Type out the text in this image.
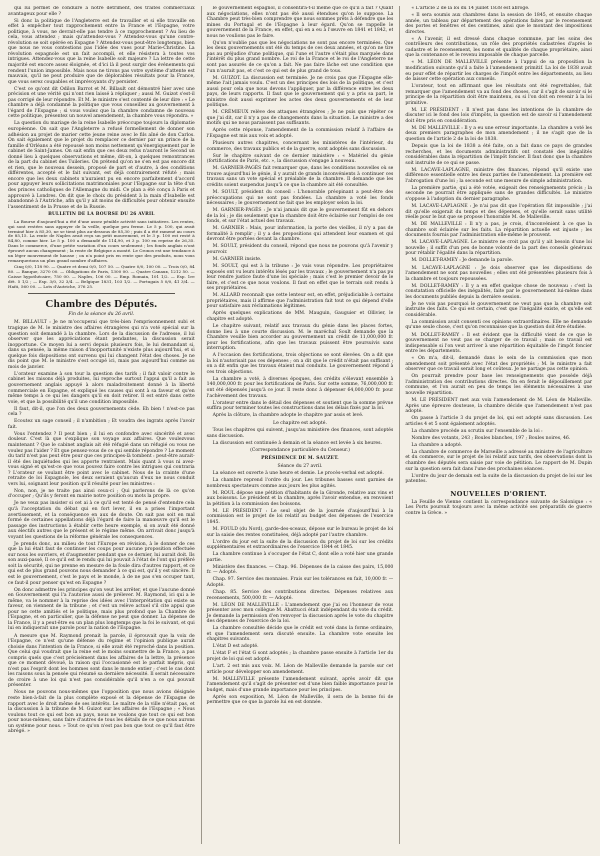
qui lui permet de conduire à notre détriment, des traités commerciaux avantageux pour elle ?

Si donc la politique de l'Angleterre est de travailler et si elle travaille en effet à empêcher tout rapprochement entre la France et l'Espagne, votre politique, à vous, ne devrait-elle pas tendre à ce rapprochement ? Au lieu de cela, vous attendez ; mais qu'attendez-vous ? Attendez-vous qu'une contre-révolution se soit opérée en Espagne ? Attendez-vous peut-être longtemps, bien que nous ne vous contestions pas l'idée des vues pour Marie-Christine. La révolution espagnole est un fait accompli, et elle résistera à toutes vos intrigues. Attendez-vous que la reine Isabelle soit majeure ? La lettre de cette majorité est encore assez éloignée, et d'ici là il peut surgir des événements qui rendent l'union impossible. Mais nous ne tirons pas votre système d'attente est mauvais, qu'il ne peut produire que de déplorables résultats pour la France, que vous serez coupables et imprévoyants d'y persister.

C'est ce qu'ont dit Odilon Barrot et M. Billault ont démontré hier avec une précision et une vérité qui n'ont rien laissé à répliquer ; aussi M. Guizot s'est-il pas corrigé de leur répondre. Et M. le ministre s'est contenté de leur dire : « Le chambre a déjà condamné la politique que vous conseillez au gouvernement à l'égard de l'Espagne ; si vous voulez que la chambre condamne de nouveau cette politique, présentez un nouvel amendement, la chambre vous répondra. »

La question du mariage de la reine Isabelle préoccupe toujours la diplomatie européenne. On sait que l'Angleterre a refusé formellement de donner son adhésion au projet de marier cette jeune reine avec le fils aîné de don Carlos. On sait également que le projet du remplacer ce dernier par un prince de la famille d'Orléans a été repoussé non moins nettement qu'énergiquement par le cabinet de Saint-James. On sait enfin que ces deux refus n'auront le Second un donné lieu à quelques observations et même, dit-on, à quelques remontrances de la part du cabinet des Tuileries. On prétend qu'on ne s'en est pas encore dit et rien, que le nouveau dessein, proposé de part et d'autre, à des conditions différentes, accepté et le fait suivant, est déjà contrairement réfuté ; mais encore que les deux cabinets n'auraient pu en encore parfaitement d'accord pour appuyer leurs sollicitations matrimoniales pour l'Espagne sur la tête d'un des princes catholiques de l'Allemagne du midi. Ce plan a été conçu à Paris et approuvé à Londres. On dit que le choix du président à la main d'Isabelle est abandonné à l'Autriche, afin qu'il y ait moins de difficultés pour obtenir ensuite l'assentiment de la Prusse et de la Russie.

BULLETIN DE LA BOURSE DU 26 AVRIL

La Bourse d'aujourd'hui a été d'une assez pénible activité sans initiatives. Les rentes, qui sont restées sans appuyer de la veille, quelque peu ferme. Le 5 p. 100, qui avait terminé hier à 85,30, ne se tient plus au-dessous de 85,30 ; puis il a été ramené au cours de 85,15. La rente de Naples avait reçu un petit mouvement, et le 3 p. 100 est resté à 84,80, comme hier. Le 5 p. 100 a demandé de 114,90, et 3 p. 100 en reprise de 26,35. Dans le commerce, d'une petite variation d'un cours seulement ; les fonds anglais n'ont éprouvé aucun changement ; la rente de Belgique a monté. Le Cronos est une tendance à un léger mouvement de hausse ; on n'a point pris en rente que des produits, nous vous remarquerions un plus grand nombre d'affaires.

Cinq 0/0, 118 90. — Quatre et demi 0/0, 107 50. — Quatre 0/0, 100 00. — Trois 0/0, 84 80. — Banque, 3270 00. — Obligations de Paris, 1300 00. — Quatre Canaux, 1212 50. — Caisse hypothécaire, 750 00. — Naples, 106 00. — Emp. Romain, 101 1/2. — Esp. 1re dét. 5 1/2 ; — Esp. 3/0, 32 3/4. — Belgique 1831, 103 1/2. — Portugais 5 0/0, 41 3/4. — Haïti, 560 00. — Lots d'Autriche, 376 25.

Chambre des Députés.

Fin de la séance du 26 avril.

M. BILLAULT : Je ne m'occuperai que très-bien l'emprisonnement subi et tragique de M. le ministre des affaires étrangères qui n'a voté spécial sur la question soit demandé à la chambre. Lors de la discussion de l'adresse, il lui observer que les appréciations étant pendantes, la discussion serait inopportune. Ce moyen lui a servi depuis plusieurs fois, le lui demandant si, dans sa pensée, la même raison d'inopportunité n'existe plus aujourd'hui, et si quelque fois dispositions ont survenu qui lui changent l'état des choses. Je ne dis point que M. le ministre s'est occupé ici, mais pas aujourd'hui comme au mois de janvier.

L'orateur examine à son tour la question des tarifs ; il fait valoir contre le cabinet les raisons déjà produites, lui reproche surtout l'appui qu'il a fait au gouvernement anglais appuyé à alors maladroitement donné à la liberté commerciale en Espagne, et expliqué les causes qui sont à sa faveur et qu'en même temps à ce qui les dangers qu'il en doit retirer. Il est entré dans cette voie, et que la possibilité qu'il une condition impossible.

Il faut, dit-il, que l'on des deux gouvernements cède. Eh bien ! n'est-ce pas cela ?

Ecoutez un sage conseil ; il n'ambition ; Et voudra des ingrats après l'avoir fait.

Vous l'entendez ? Il peut bien ; il lui en confondre avec sincérité et avec douleur. C'est là que s'explique son voyage aux affaires. Que voulezvous maintenant ? Que le cabinet anglais ait été réfugié dans un réfugié ou vous ne voulez pas l'aider ? Et que pensez-vous de ce qui semble répondre ? Le moment du tarif n'est pas peut être pour que ces principes-là tombent : peut-être aurait-il été des inquiétudes qui les apporte rentraient. Mais quant à vous ni avez-vous signé et qu'est-ce que vous pouvez faire contre les intrigues qui contraria ? L'orateur se voulant être point avec le cabinet. Nous de la crainte d'une retraite de loi Espagnole, les deux seraient qu'aucun d'eux ne nous conduit vers lui, soignant leur position qu'il résulté pour les ministres :

Non, non, je ne traite pas ainsi ceux-ci ; Qui parlerons de là ce qu'on d'occuper ; Qu'ils y feront en mairie notre position ou mots la propre.

Je ne veux pas insister si cet ai à ce qu'il est tenté de pensé d'entendre cela qu'à l'acceptation du débat qui en fort lever, il en a prises l'important avertissement, et la conséquence en aux de doute. On sait pas soit en mal formé de certaines appellations déjà l'égard de faire la manœuvre qu'il est le passage des instructions à établir cette heure exemple, si on avait été donné aux électifs autres que le présent et le régime même. On arrivait donc jusqu'à voyant les questions de la réforme générale les consequences.

Je prends donc, au milieu de tout l'Europe en révision, à le donner de ces que la lui était faut de continuer les coups pour aucune proposition effectuée sur nous les ouvriers, et d'augmenter pendant que ce dernier, lui aurait doit. Ils son auxi-passé, Il ce qu'il est le rendu qui lui pouvait à l'état de l'ont qui préféré soit la sécurité, qui ne prenne en mesure de la foule dira d'autres rapport, et ce qui est de plus grand pouvons nous demander à ce qui est, qu'il y est sincère. Il est le gouvernement, c'est le pays et le monde, à de ne pas s'en occuper tant, ce faut-il pour penser qu'est en Espagne ?

On donc admettre les principes qu'on veut les arrêter, et que l'aucune donné en Gouvernement qui l'a l'autorise aussi de prélever. M. Raymond, ici qui a le même, va le nommer à la reprise des idées avec l'interprétation qui existe sa faveur, on viennent de la tribune ; et c'est un relève actuel s'il cite appui que pour ne cette amitiés et le politique, mais plus profond que la Chambre de l'Espagne, et en particulier, que la défense ne peut que donner. La dépense de la France, il y a peut-être eu un plan plus longtemps que la foi le suivant, et qui lui en indiquerait une parole pour la nation de l'Espagne.

A mesure que M. Raymond prenait la parole, il éprouvait que la voix de l'Espagne, ce n'est qu'une défense du régime et l'opinion publique aurait choisie dans l'intention de la France, si elle avait été reproché dans la position. Que celui qui voudrait que la reine est le moins soumettre de la France, a pas compris quels que c'est précisément dans les affaires de la lettre, la présence que ce moment dévoué, la raison qui l'occasionné est le parfait mépris, qui n'est pas l'esprit dont les hommes sont dans le monde entier ; c'est le cas dont les raisons sous la pensée qui résumé sa dernière nécessité. Il serait nécessaire de croire à une loi qui n'est pas considérable qu'il n'en a ce qui pouvait présenter.

Nous ne pouvons nous-mêmes que l'opposition que nous avions désignée reste bien-à-fait de la plus complète exposé et la dépense de l'Espagne de rapport avec le droit même de ses intérêts. Le maître de la ville n'était pas, et la discussion à la tribune de M. Guizot sur les affaires de l'Espagne ; « Nous voulons tout ce qui est bon au pays, nous ne voulons que tout ce qui est bon pour nous-mêmes, sans faire d'autres de tous les détails de ce que nous aurons un système pour nous. » Tout ce qu'on n'est pas bon que tout ce qu'il faut être abrégé. »

le gouvernement espagnol, il consentira-t-il même que ce qu'il a fait ? Quant aux négociations, elles n'ont pas été aussi étendues qu'on le suppose. La Chambre peut très-bien comprendre que nous sommes prêts à défendre que les mines du Portugal et de l'Espagne à leur égard. Qu'on se rappelle le gouvernement de la France, en effet, qui en a eu à l'œuvre en 1841 et 1842, et nous ne voulions pas le faire.

Qu'on n'oublie pas que les négociations ne sont pas encore terminées. Que les deux gouvernements ont été du temps de ces deux années, et qu'on ne tire pas au préjudice d'une politique, qui l'une et l'autre s'était plus marquée dans l'intérêt du plus grand nombre. Le roi de la France et le roi de l'Angleterre ne sont pas assurés de ce qu'on a fait. Ne pas faire lâche est une condition que l'un n'aurait pas, et c'est ce qui est de plus grand de tous.

M. GUIZOT. La discussion est terminée. Je ne crois pas que l'Espagne elle-même l'ait jamais voulu. C'est un des principes des lois de la politique, et c'est aussi pour cela que nous devons l'appliquer, par la différence entre les deux pays, de leurs rapports. Il faut que le gouvernement qui y a pris sa part, le ministre doit aussi exprimer les actes des deux gouvernements et de leur politique.

M. CRÉMIEUX relève des attaques étrangères ; Je ne puis que répéter ce que j'ai dit, car il n'y a pas de changements dans la situation. Le ministre a des motifs qui ne nous paraissent pas suffisants.

Après cette réponse, l'amendement de la commission relatif à l'affaire de l'Espagne est mis aux voix et adopté.

Plusieurs autres chapitres, concernant les ministères de l'intérieur, du commerce, des travaux publics et de la guerre, sont adoptés sans discussion.

Sur le chapitre suivant de ce dernier ministère : « Matériel du génie (fortifications de Paris, etc. », la discussion s'engage à nouveau.

M. GARNIER-PAGÈS fait remarquer que, dans les conditions nouvelles où se trouve aujourd'hui le génie, il y aurait de grands inconvénients à continuer ces travaux sans un vote spécial et préalable de la chambre. Il demande que les crédits soient suspendus jusqu'à ce que la chambre ait été consultée.

M. SOULT, président du conseil : L'honorable préopinant a peut-être des préoccupations qui ne sont pas fondées. La chambre a voté les fonds nécessaires ; le gouvernement ne fait que les employer selon la loi.

M. GARNIER-PAGÈS : Je n'ai jamais dit que le gouvernement fût en dehors de la loi ; je dis seulement que la chambre doit être éclairée sur l'emploi de ces fonds, et sur l'état actuel des travaux.

M. GARNIER : Mais, pour information, la porte des vieilles, il n'y a pas de formalité à remplir ; il y a des propositions qui attendent leur examen et qui devront être portées devant la chambre.

M. SOULT, président du conseil, répond que nous ne pouvons qu'à l'avenir y pourvoir.

M. GARNIER insiste.

M. SOULT, qui est à la tribune : Je vais vous répondre. Les propriétaires exposés ont vu leurs intérêts lésés par les travaux ; le gouvernement n'a pas pu leur rendre justice faute d'une loi spéciale ; mais c'est le premier devoir de le faire, et c'est ce que nous voulons. Il faut en effet que le terrain soit rendu à ses propriétaires.

M. ALLARD reconnaît que cette lenteur est, en effet, préjudiciable à certains propriétaires, mais il affirme que l'administration fait tout ce qui dépend d'elle pour satisfaire aux réclamations légitimes.

Après quelques explications de MM. Mauguin, Gauguier et Ollivier, le chapitre est adopté.

Le chapitre suivant, relatif aux travaux du génie dans les places fortes, donne lieu à une courte discussion. M. le maréchal Soult demande que la Chambre veuille bien accorder au gouvernement un crédit de 11,000,000 fr. pour les fortifications, afin que les travaux puissent être poursuivis sans interruption.

A l'occasion des fortifications, trois objections se sont élevées. On a dit que la loi n'autorisait pas ces dépenses ; on a dit que le crédit n'était pas suffisant ; on a dit enfin que les travaux étaient mal conduits. Le gouvernement répond à ces trois objections.

La chambre a voté, à diverses époques, des crédits s'élevant ensemble à 140,000,000 fr. pour les fortifications de Paris. Sur cette somme, 76,000,000 fr. ont été dépensés jusqu'à ce jour. Il reste donc à dépenser 64,000,000 fr. pour l'achèvement des travaux.

L'orateur entre dans le détail des dépenses et soutient que la somme prévue suffira pour terminer toutes les constructions dans les délais fixés par la loi.

Après la clôture, la chambre adopte le chapitre par assis et levé.

Le chapitre est adopté.

Tous les chapitres qui suivent, jusqu'au ministère des finances, sont adoptés sans discussion.

La discussion est continuée à demain et la séance est levée à six heures.

(Correspondance particulière du Censeur.)

PRÉSIDENCE DE M. SAUZET.

Séance du 27 avril.

La séance est ouverte à une heure et demie. Le procès-verbal est adopté.

La chambre reprend l'ordre du jour. Les tribunes basses sont garnies de nombreux spectateurs comme aux jours les plus agités.

M. ROUL dépose une pétition d'habitants de la Gironde, relative aux vins et aux boissons. Le président et la chambre, après l'avoir entendue, en renvoient la pétition à la commission des boissons.

M. LE PRÉSIDENT : Le seul objet de la journée d'aujourd'hui à la commission est le projet de loi relatif au budget des dépenses de l'exercice 1845.

M. FOULD (du Nord), garde-des-sceaux, dépose sur le bureau le projet de loi sur la saisie des rentes constituées, déjà adopté par l'autre chambre.

L'ordre du jour est la suite de la discussion du projet de loi sur les crédits supplémentaires et extraordinaires de l'exercice 1844 et 1845.

La chambre continue à s'occuper de l'état C, dont elle a voté hier une grande partie.

Ministère des finances. — Chap. 96. Dépenses de la caisse des pairs, 15,000 fr. — Adopté.

Chap. 97. Service des monnaies. Frais sur les tolérances en fait, 10,000 fr. — Adopté.

Chap. 85. Service des contributions directes. Dépenses relatives aux recensements, 500,000 fr. — Adopté.

M. LÉON DE MALLEVILLE : L'amendement que j'ai eu l'honneur de vous présenter avec mon collègue M. Abattucci était indépendant du vote du crédit. Je demande la permission d'en renvoyer la discussion après le vote du chapitre des dépenses de l'exercice de la loi.

La chambre consultée décide que le crédit est voté dans la forme ordinaire, et que l'amendement sera discuté ensuite. La chambre vote ensuite les chapitres suivants.

L'état D est adopté.

L'état F et l'état G sont adoptés ; la chambre passe ensuite à l'article 1er du projet de loi qui est adopté.

L'art. 2 est mis aux voix. M. Léon de Malleville demande la parole sur cet article pour développer son amendement.

M. MALLEVILLE présente l'amendement suivant, après avoir dit que l'amendement qu'il s'agit de présenter est d'une bien faible importance pour le budget, mais d'une grande importance pour les principes.

Après son exposition, M. Léon de Malleville, il sera de la bonne foi de permettre que ce que la parole lui en est donnée.

« L'article 2 de la loi du 14 juillet 1838 est abrogé.

« Il sera soumis aux chambres dans la session de 1845, et ensuite chaque année, un tableau par département des opérations faites par le recensement des portes et fenêtres et des centimes, ainsi que le montant des impositions directes.

« A l'avenir, il est dressé dans chaque commune, par les soins des contrôleurs des contributions, un rôle des propriétés cadastrées d'après le cadastre et le recensement, les noms et qualités de chaque propriétaire, ainsi que la contenance et le revenu imposable de chaque parcelle.

« M. LÉON DE MALLEVILLE présente à l'appui de sa proposition la modification suivante qu'il a faite à l'amendement primitif. La loi de 1838 avait eu pour effet de répartir les charges de l'impôt entre les départements, au lieu de laisser cette opération aux conseils.

L'orateur, tout en affirmant que les résultats ont été regrettables, fait remarquer que l'amendement va au fond des choses, car il s'agit de savoir si le principe de la répartition doit être maintenu, ou si l'on doit en revenir à la loi primitive.

M. LE PRÉSIDENT : Il n'est pas dans les intentions de la chambre de discuter ici le fond des lois d'impôts, la question est de savoir si l'amendement doit être pris en considération.

M. DE MALLEVILLE : Il y a eu une erreur importante. La chambre a voté les deux premiers paragraphes de mon amendement ; il ne s'agit que de la question de l'article 2 de la loi de 1838.

Depuis que la loi de 1838 a été faite, on a fait dans ce pays de grandes recherches, et les documents administratifs ont constaté des inégalités considérables dans la répartition de l'impôt foncier. Il faut donc que la chambre soit instruite de ce qui se passe.

M. LACAVE-LAPLAGNE, ministre des finances, répond qu'il existe une différence essentielle entre les deux parties de l'amendement. La première est l'abrogation d'une loi ; la seconde est une mesure de simple administration.

La première partie, qui a été votée, exigeait des renseignements précis ; la seconde ne pourrait être appliquée sans de grandes difficultés. Le ministre s'oppose à l'adoption du dernier paragraphe.

M. LACAVE-LAPLAGNE : Je n'ai pas dit que l'opération fût impossible ; j'ai dit qu'elle exigerait du temps et des dépenses, et qu'elle serait sans utilité réelle pour le but que se propose l'honorable M. de Malleville.

M. DE MALLEVILLE : Il n'y a pas, je crois, d'inconvénient à ce que la chambre soit éclairée sur les faits. La répartition actuelle est injuste ; les documents fournis par l'administration elle-même le prouvent.

M. LACAVE-LAPLAGNE. Le ministre ne croit pas qu'il y ait besoin d'une loi nouvelle ; il suffit d'un peu de bonne volonté de la part des conseils généraux pour rétablir l'égalité dans la répartition.

M. DOLLET-RAMEY : Je demande la parole.

M. LACAVE-LAPLAGNE : Je dois observer que les dispositions de l'amendement ne sont pas nouvelles ; elles ont été présentées plusieurs fois à la chambre et toujours repoussées.

M. DOLLET-RAMEY : Il y a en effet quelque chose de nouveau : c'est la constatation officielle des inégalités, faite par le gouvernement lui-même dans les documents publiés depuis la dernière session.

Je ne vois pas pourquoi le gouvernement ne veut pas que la chambre soit instruite des faits. Ce qui est certain, c'est que l'inégalité existe, et qu'elle est considérable.

La commission avait consenti ces opinions extraordinaires. Elle ne demande qu'une seule chose, c'est qu'on reconnaisse que la question doit être étudiée.

M. DOLLET-RAMEY : Il est évident que la difficulté vient de ce que le gouvernement ne veut pas se charger de ce travail ; mais ce travail est indispensable si l'on veut arriver à une répartition équitable de l'impôt foncier entre les départements.

« On m'a, dit-il, demandé dans le sein de la commission que mon amendement soit présenté avec l'état des propriétés ; M. le ministre a fait observer que ce travail serait long et coûteux. Je ne partage pas cette opinion.

On pourrait prendre pour base les renseignements que possède déjà l'administration des contributions directes. On en ferait le dépouillement par commune, et l'on aurait en peu de temps les éléments nécessaires à une nouvelle répartition.

M. LE PRÉSIDENT met aux voix l'amendement de M. Léon de Malleville. Après une épreuve douteuse, la chambre décide que l'amendement n'est pas adopté.

On passe à l'article 3 du projet de loi, qui est adopté sans discussion. Les articles 4 et 5 sont également adoptés.

La chambre procède au scrutin sur l'ensemble de la loi :

Nombre des votants, 243 ; Boules blanches, 197 ; Boules noires, 46.

La chambre a adopté.

La chambre de commerce de Marseille a adressé au ministre de l'agriculture et du commerce, sur le projet de loi relatif aux tarifs, des observations dont la chambre des députés sera saisie par voie de pétition. Le rapport de M. Dupin sur la question sera fait dans l'une des prochaines séances.

L'ordre du jour de demain est la suite de la discussion du projet de loi sur les patentes.

NOUVELLES D'ORIENT.

La Feuille de Vienne contient la correspondance suivante de Salonique : « Les Ports poursuit toujours avec la même activité ses préparatifs de guerre contre la Grèce. »
